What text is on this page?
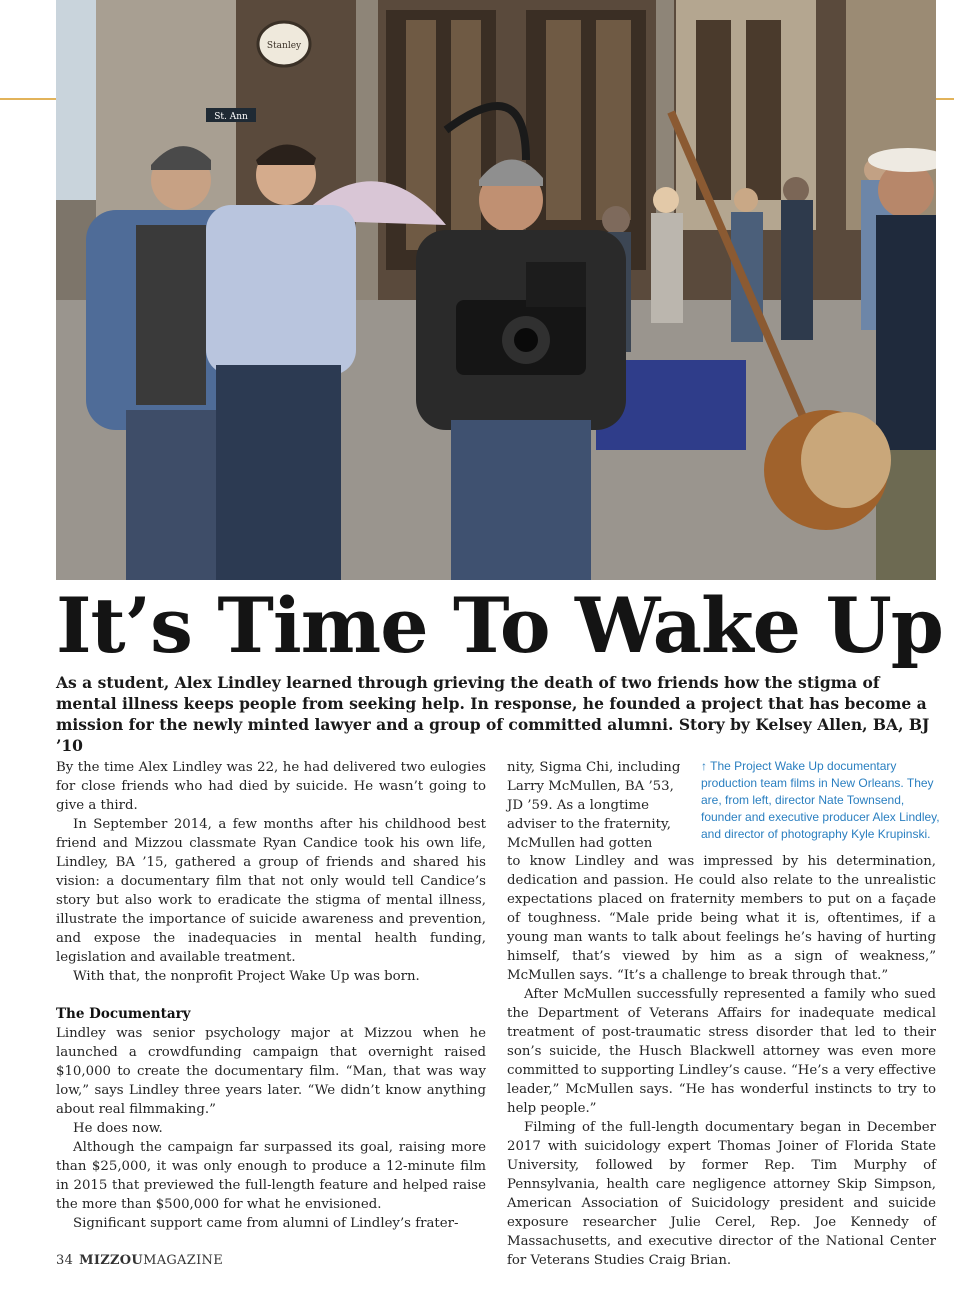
Stanley
St. Ann
It’s Time To Wake Up
As a student, Alex Lindley learned through grieving the death of two friends how the stigma of mental illness keeps people from seeking help. In response, he founded a project that has become a mission for the newly minted lawyer and a group of committed alumni. Story by Kelsey Allen, BA, BJ ’10

By the time Alex Lindley was 22, he had delivered two eulogies for close friends who had died by suicide. He wasn’t going to give a third.

In September 2014, a few months after his childhood best friend and Mizzou classmate Ryan Candice took his own life, Lindley, BA ’15, gathered a group of friends and shared his vision: a documentary film that not only would tell Candice’s story but also work to eradicate the stigma of mental illness, illustrate the importance of suicide awareness and prevention, and expose the inadequacies in mental health funding, legislation and available treatment.

With that, the nonprofit Project Wake Up was born.

The Documentary

Lindley was senior psychology major at Mizzou when he launched a crowdfunding campaign that overnight raised $10,000 to create the documentary film. “Man, that was way low,” says Lindley three years later. “We didn’t know anything about real filmmaking.”

He does now.

Although the campaign far surpassed its goal, raising more than $25,000, it was only enough to produce a 12-minute film in 2015 that previewed the full-length feature and helped raise the more than $500,000 for what he envisioned.

Significant support came from alumni of Lindley’s frater-

nity, Sigma Chi, including Larry McMullen, BA ’53, JD ’59. As a longtime adviser to the fraternity, McMullen had gotten

↑ The Project Wake Up documentary production team films in New Orleans. They are, from left, director Nate Townsend, founder and executive producer Alex Lindley, and director of photography Kyle Krupinski.

to know Lindley and was impressed by his determination, dedication and passion. He could also relate to the unrealistic expectations placed on fraternity members to put on a façade of toughness. “Male pride being what it is, oftentimes, if a young man wants to talk about feelings he’s having of hurting himself, that’s viewed by him as a sign of weakness,” McMullen says. “It’s a challenge to break through that.”

After McMullen successfully represented a family who sued the Department of Veterans Affairs for inadequate medical treatment of post-traumatic stress disorder that led to their son’s suicide, the Husch Blackwell attorney was even more committed to supporting Lindley’s cause. “He’s a very effective leader,” McMullen says. “He has wonderful instincts to try to help people.”

Filming of the full-length documentary began in December 2017 with suicidology expert Thomas Joiner of Florida State University, followed by former Rep. Tim Murphy of Pennsylvania, health care negligence attorney Skip Simpson, American Association of Suicidology president and suicide exposure researcher Julie Cerel, Rep. Joe Kennedy of Massachusetts, and executive director of the National Center for Veterans Studies Craig Brian.

34 MIZZOUMAGAZINE
